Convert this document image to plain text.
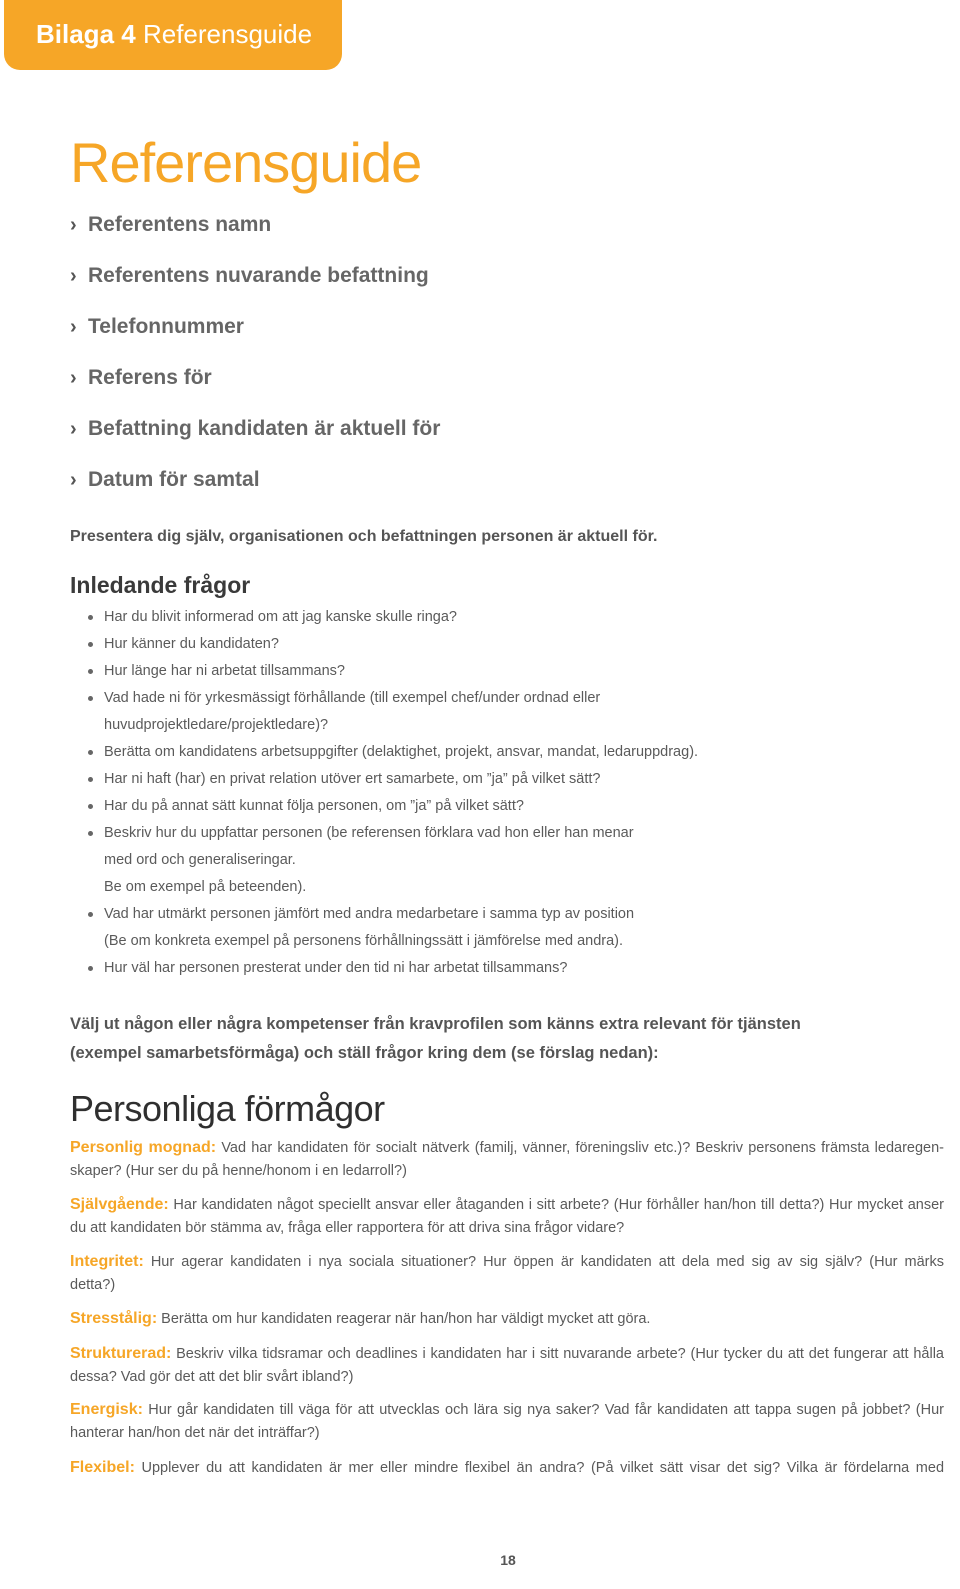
Bilaga 4 Referensguide
Referensguide
› Referentens namn
› Referentens nuvarande befattning
› Telefonnummer
› Referens för
› Befattning kandidaten är aktuell för
› Datum för samtal
Presentera dig själv, organisationen och befattningen personen är aktuell för.
Inledande frågor
Har du blivit informerad om att jag kanske skulle ringa?
Hur känner du kandidaten?
Hur länge har ni arbetat tillsammans?
Vad hade ni för yrkesmässigt förhållande (till exempel chef/under ordnad eller
huvudprojektledare/projektledare)?
Berätta om kandidatens arbetsuppgifter (delaktighet, projekt, ansvar, mandat, ledaruppdrag).
Har ni haft (har) en privat relation utöver ert samarbete, om ”ja” på vilket sätt?
Har du på annat sätt kunnat följa personen, om ”ja” på vilket sätt?
Beskriv hur du uppfattar personen (be referensen förklara vad hon eller han menar
med ord och generaliseringar.
Be om exempel på beteenden).
Vad har utmärkt personen jämfört med andra medarbetare i samma typ av position
(Be om konkreta exempel på personens förhållningssätt i jämförelse med andra).
Hur väl har personen presterat under den tid ni har arbetat tillsammans?
Välj ut någon eller några kompetenser från kravprofilen som känns extra relevant för tjänsten
(exempel samarbetsförmåga) och ställ frågor kring dem (se förslag nedan):
Personliga förmågor
Personlig mognad: Vad har kandidaten för socialt nätverk (familj, vänner, föreningsliv etc.)? Beskriv personens främsta ledaregen-
skaper? (Hur ser du på henne/honom i en ledarroll?)
Självgående: Har kandidaten något speciellt ansvar eller åtaganden i sitt arbete? (Hur förhåller han/hon till detta?) Hur mycket anser
du att kandidaten bör stämma av, fråga eller rapportera för att driva sina frågor vidare?
Integritet: Hur agerar kandidaten i nya sociala situationer? Hur öppen är kandidaten att dela med sig av sig själv? (Hur märks
detta?)
Stresstålig: Berätta om hur kandidaten reagerar när han/hon har väldigt mycket att göra.
Strukturerad: Beskriv vilka tidsramar och deadlines i kandidaten har i sitt nuvarande arbete? (Hur tycker du att det fungerar att hålla
dessa? Vad gör det att det blir svårt ibland?)
Energisk: Hur går kandidaten till väga för att utvecklas och lära sig nya saker? Vad får kandidaten att tappa sugen på jobbet? (Hur
hanterar han/hon det när det inträffar?)
Flexibel: Upplever du att kandidaten är mer eller mindre flexibel än andra? (På vilket sätt visar det sig? Vilka är fördelarna med
18
